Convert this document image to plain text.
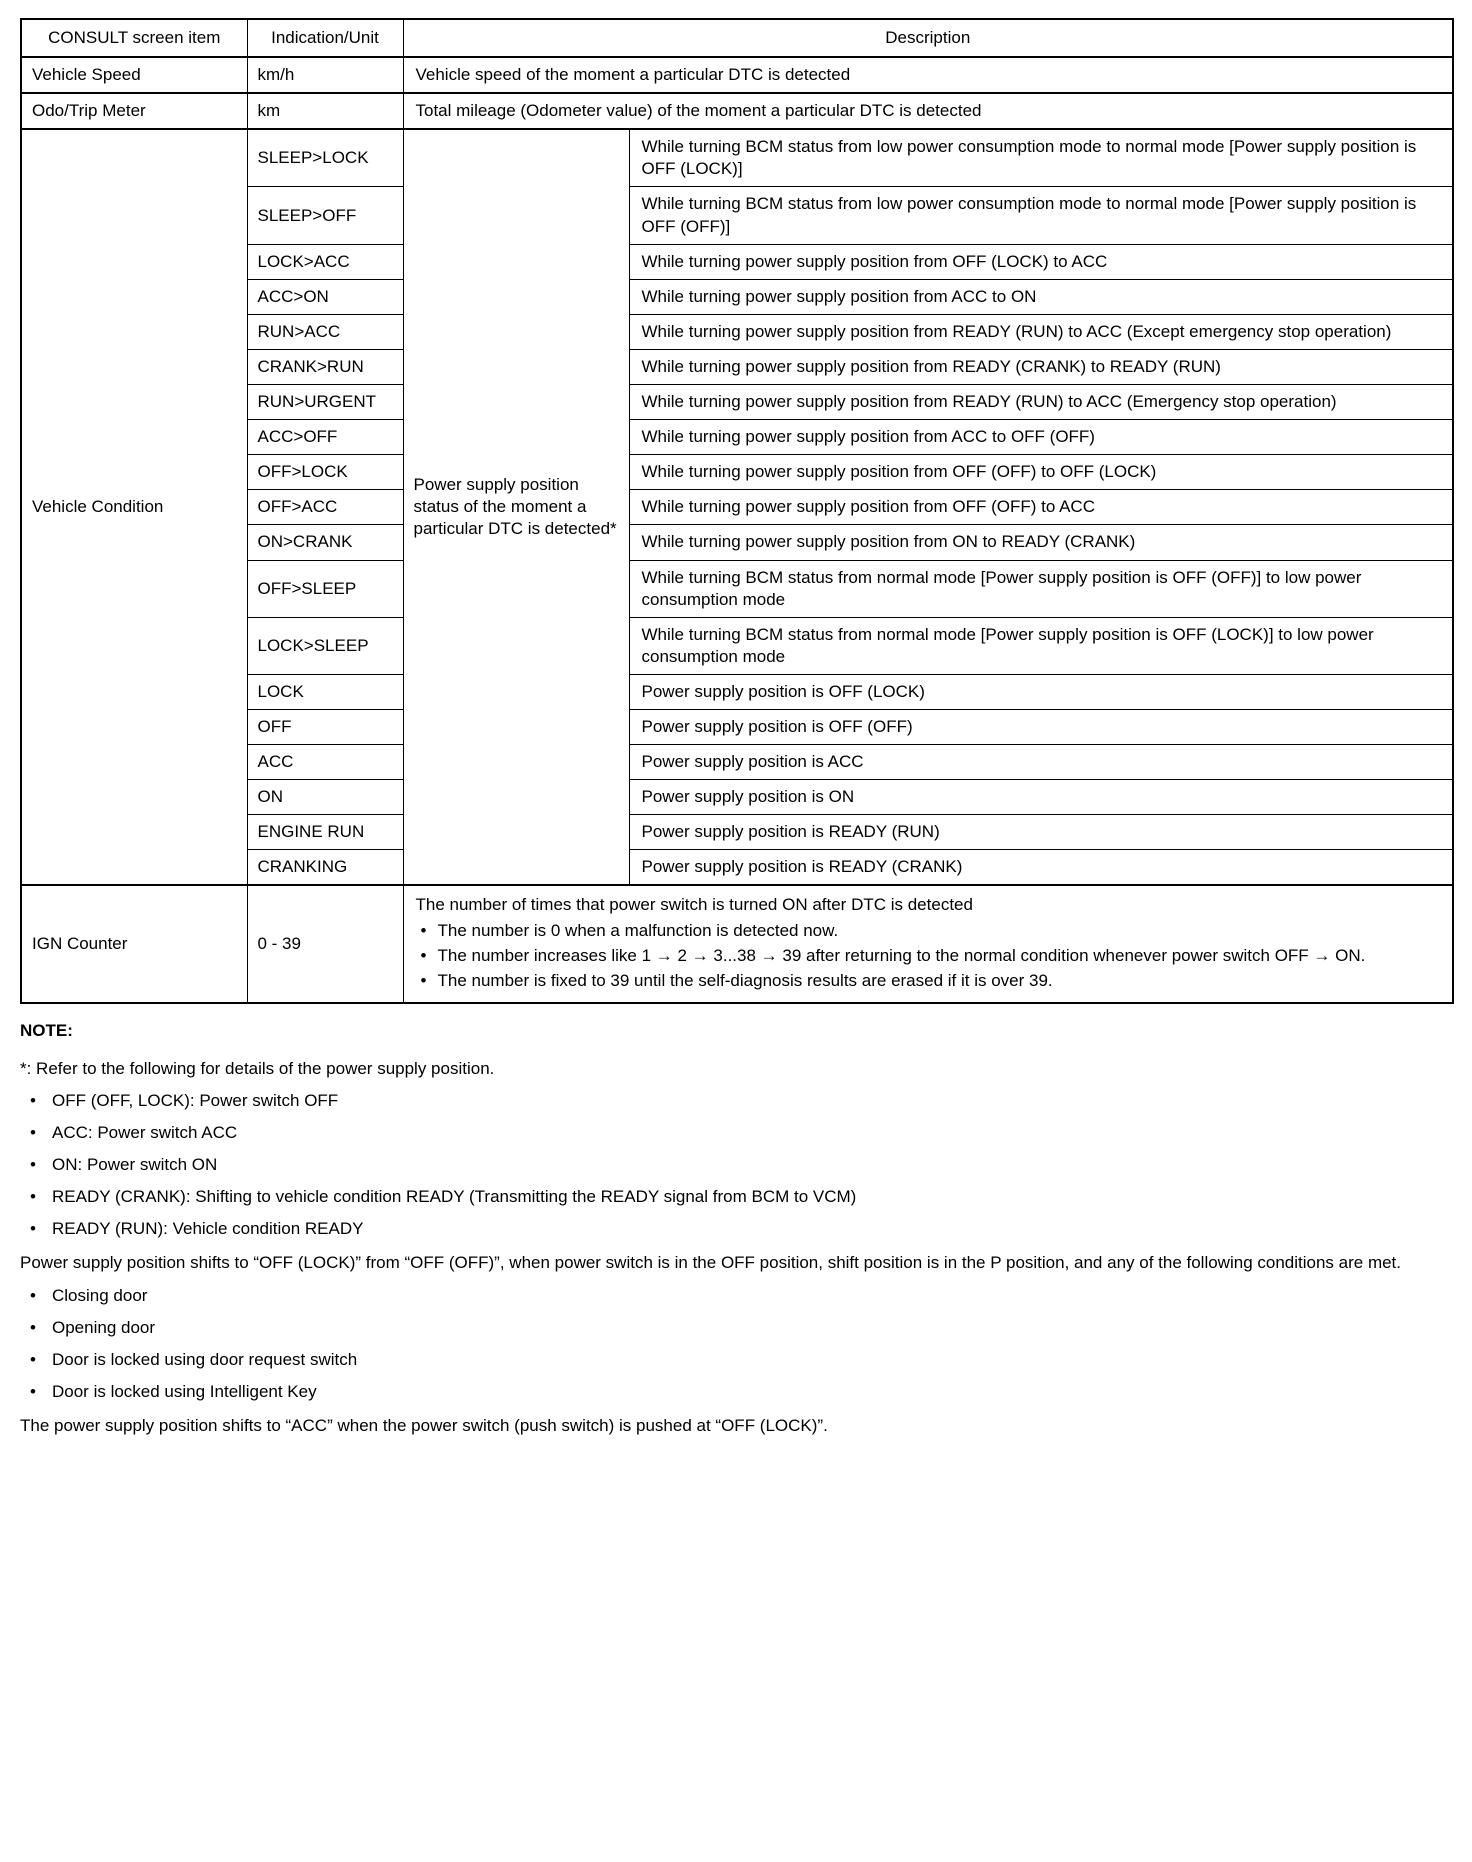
CONSULT screen item	Indication/Unit	Description	
Vehicle Speed	km/h	Vehicle speed of the moment a particular DTC is detected	
Odo/Trip Meter	km	Total mileage (Odometer value) of the moment a particular DTC is detected	
Vehicle Condition	SLEEP>LOCK	Power supply position status of the moment a particular DTC is detected*	While turning BCM status from low power consumption mode to normal mode [Power supply position is OFF (LOCK)]
	SLEEP>OFF		While turning BCM status from low power consumption mode to normal mode [Power supply position is OFF (OFF)]
	LOCK>ACC		While turning power supply position from OFF (LOCK) to ACC
	ACC>ON		While turning power supply position from ACC to ON
	RUN>ACC		While turning power supply position from READY (RUN) to ACC (Except emergency stop operation)
	CRANK>RUN		While turning power supply position from READY (CRANK) to READY (RUN)
	RUN>URGENT		While turning power supply position from READY (RUN) to ACC (Emergency stop operation)
	ACC>OFF		While turning power supply position from ACC to OFF (OFF)
	OFF>LOCK		While turning power supply position from OFF (OFF) to OFF (LOCK)
	OFF>ACC		While turning power supply position from OFF (OFF) to ACC
	ON>CRANK		While turning power supply position from ON to READY (CRANK)
	OFF>SLEEP		While turning BCM status from normal mode [Power supply position is OFF (OFF)] to low power consumption mode
	LOCK>SLEEP		While turning BCM status from normal mode [Power supply position is OFF (LOCK)] to low power consumption mode
	LOCK		Power supply position is OFF (LOCK)
	OFF		Power supply position is OFF (OFF)
	ACC		Power supply position is ACC
	ON		Power supply position is ON
	ENGINE RUN		Power supply position is READY (RUN)
	CRANKING		Power supply position is READY (CRANK)
IGN Counter	0 - 39	The number of times that power switch is turned ON after DTC is detected
• The number is 0 when a malfunction is detected now.
• The number increases like 1 → 2 → 3...38 → 39 after returning to the normal condition whenever power switch OFF → ON.
• The number is fixed to 39 until the self-diagnosis results are erased if it is over 39.
NOTE:
*: Refer to the following for details of the power supply position.
• OFF (OFF, LOCK): Power switch OFF
• ACC: Power switch ACC
• ON: Power switch ON
• READY (CRANK): Shifting to vehicle condition READY (Transmitting the READY signal from BCM to VCM)
• READY (RUN): Vehicle condition READY

Power supply position shifts to “OFF (LOCK)” from “OFF (OFF)”, when power switch is in the OFF position, shift position is in the P position, and any of the following conditions are met.

• Closing door
• Opening door
• Door is locked using door request switch
• Door is locked using Intelligent Key

The power supply position shifts to “ACC” when the power switch (push switch) is pushed at “OFF (LOCK)”.
